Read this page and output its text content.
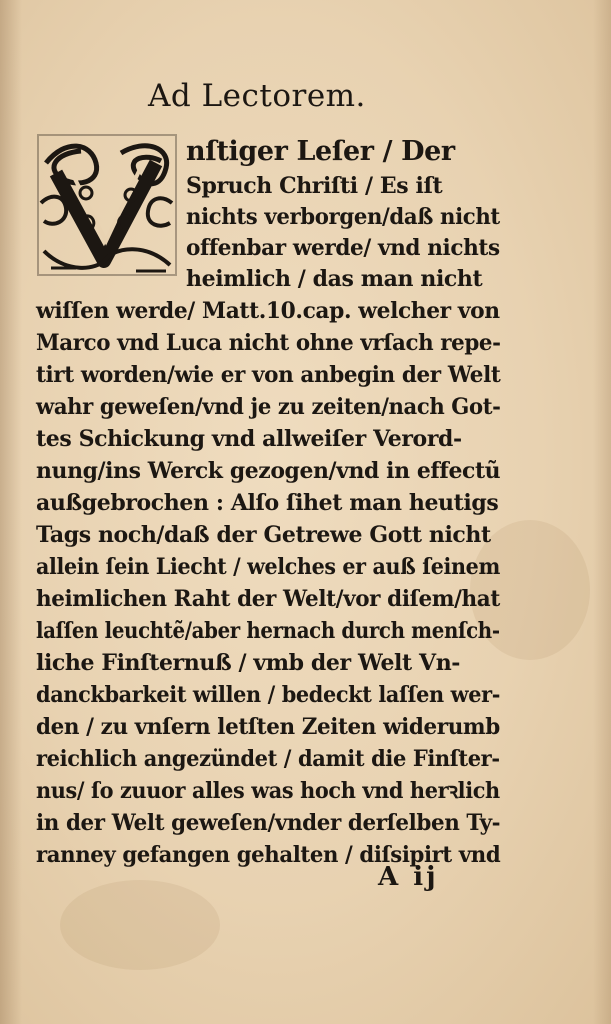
Ad Lectorem.
nſtiger Leſer / Der
Spruch Chriſti / Es iſt
nichts verborgen/daß nicht
offenbar werde/ vnd nichts
heimlich / das man nicht
wiſſen werde/ Matt.10.cap. welcher von
Marco vnd Luca nicht ohne vrſach repe-
tirt worden/wie er von anbegin der Welt
wahr geweſen/vnd je zu zeiten/nach Got-
tes Schickung vnd allweiſer Verord-
nung/ins Werck gezogen/vnd in effectũ
außgebrochen : Alſo ſihet man heutigs
Tags noch/daß der Getrewe Gott nicht
allein ſein Liecht / welches er auß ſeinem
heimlichen Raht der Welt/vor diſem/hat
laſſen leuchtẽ/aber hernach durch menſch-
liche Finſternuß / vmb der Welt Vn-
danckbarkeit willen / bedeckt laſſen wer-
den / zu vnſern letſten Zeiten widerumb
reichlich angezündet / damit die Finſter-
nus/ ſo zuuor alles was hoch vnd herꝛlich
in der Welt geweſen/vnder derſelben Ty-
ranney gefangen gehalten / diſsipirt vnd
A ij
